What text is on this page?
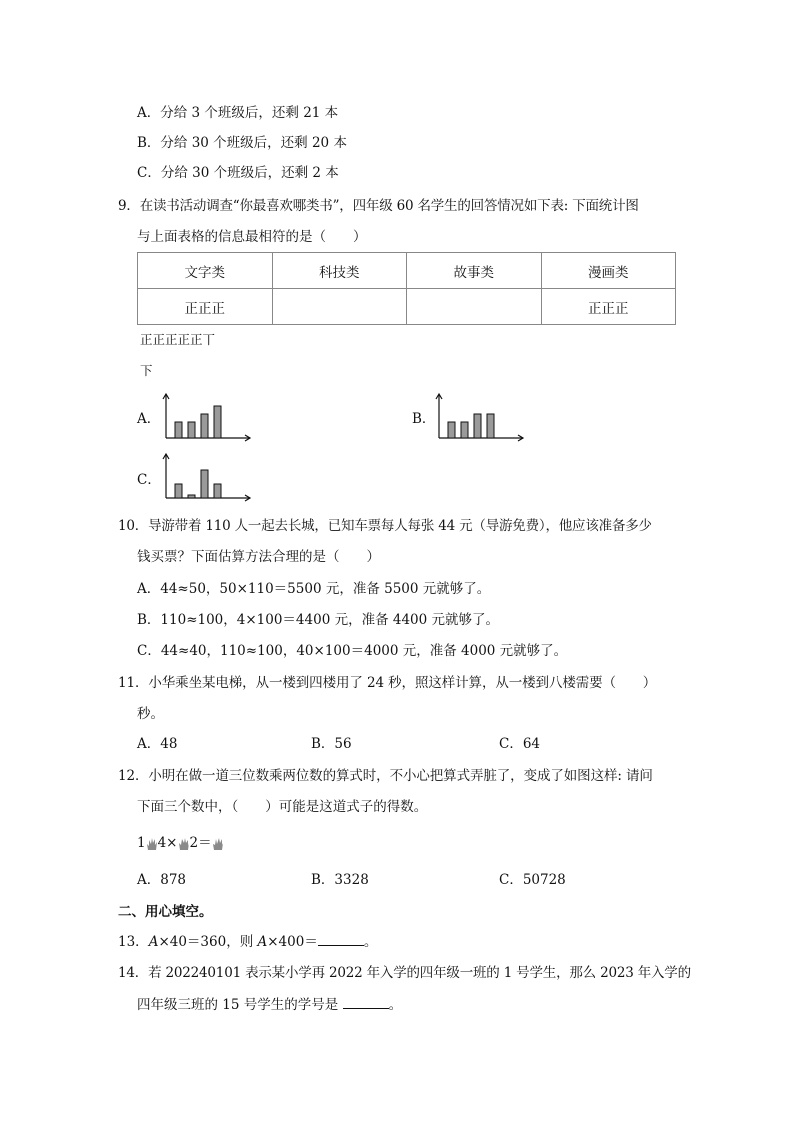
A．分给 3 个班级后，还剩 21 本
B．分给 30 个班级后，还剩 20 本
C．分给 30 个班级后，还剩 2 本
9．在读书活动调查“你最喜欢哪类书”，四年级 60 名学生的回答情况如下表: 下面统计图
与上面表格的信息最相符的是（　　）
文字类	科技类	故事类	漫画类
正正正			正正正
正正正正正丅
下
A．	B．
C．
10．导游带着 110 人一起去长城，已知车票每人每张 44 元（导游免费），他应该准备多少
钱买票？下面估算方法合理的是（　　）
A．44≈50，50×110＝5500 元，准备 5500 元就够了。
B．110≈100，4×100＝4400 元，准备 4400 元就够了。
C．44≈40，110≈100，40×100＝4000 元，准备 4000 元就够了。
11．小华乘坐某电梯，从一楼到四楼用了 24 秒，照这样计算，从一楼到八楼需要（　　）
秒。
A．48	B．56	C．64
12．小明在做一道三位数乘两位数的算式时，不小心把算式弄脏了，变成了如图这样: 请问
下面三个数中，（　　）可能是这道式子的得数。
1 4× 2＝
A．878	B．3328	C．50728
二、用心填空。
13．A×40＝360，则 A×400＝	。
14．若 202240101 表示某小学再 2022 年入学的四年级一班的 1 号学生，那么 2023 年入学的
四年级三班的 15 号学生的学号是	。
